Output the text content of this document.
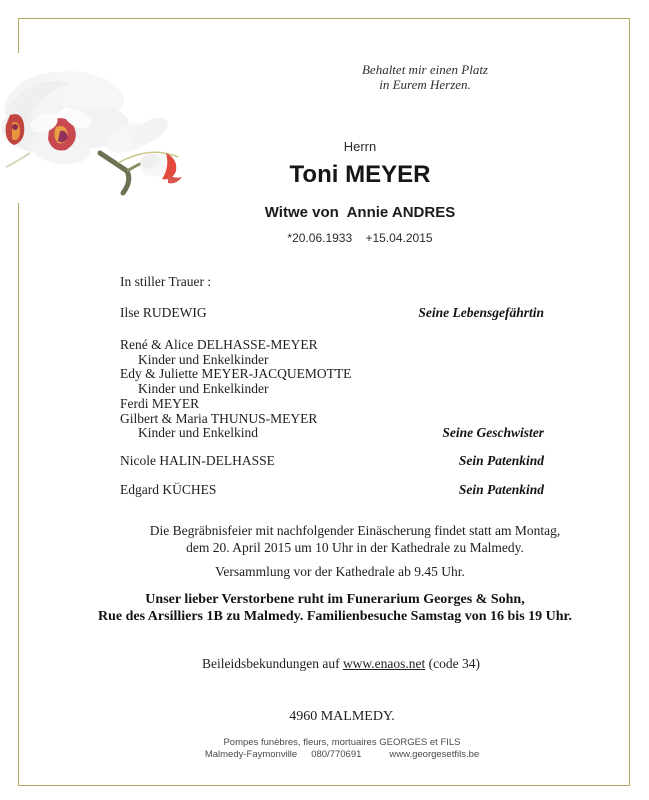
Behaltet mir einen Platz
in Eurem Herzen.
Herrn
Toni MEYER
Witwe von  Annie ANDRES
*20.06.1933    +15.04.2015
In stiller Trauer :
Ilse RUDEWIG	Seine Lebensgefährtin
René & Alice DELHASSE-MEYER
Kinder und Enkelkinder
Edy & Juliette MEYER-JACQUEMOTTE
Kinder und Enkelkinder
Ferdi MEYER
Gilbert & Maria THUNUS-MEYER
Kinder und Enkelkind	Seine Geschwister
Nicole HALIN-DELHASSE	Sein Patenkind
Edgard KÜCHES	Sein Patenkind
Die Begräbnisfeier mit nachfolgender Einäscherung findet statt am Montag,
dem 20. April 2015 um 10 Uhr in der Kathedrale zu Malmedy.
Versammlung vor der Kathedrale ab 9.45 Uhr.
Unser lieber Verstorbene ruht im Funerarium Georges & Sohn,
Rue des Arsilliers 1B zu Malmedy. Familienbesuche Samstag von 16 bis 19 Uhr.
Beileidsbekundungen auf www.enaos.net (code 34)
4960 MALMEDY.
Pompes funèbres, fleurs, mortuaires GEORGES et FILS
Malmedy-Faymonville 080/770691	www.georgesetfils.be
